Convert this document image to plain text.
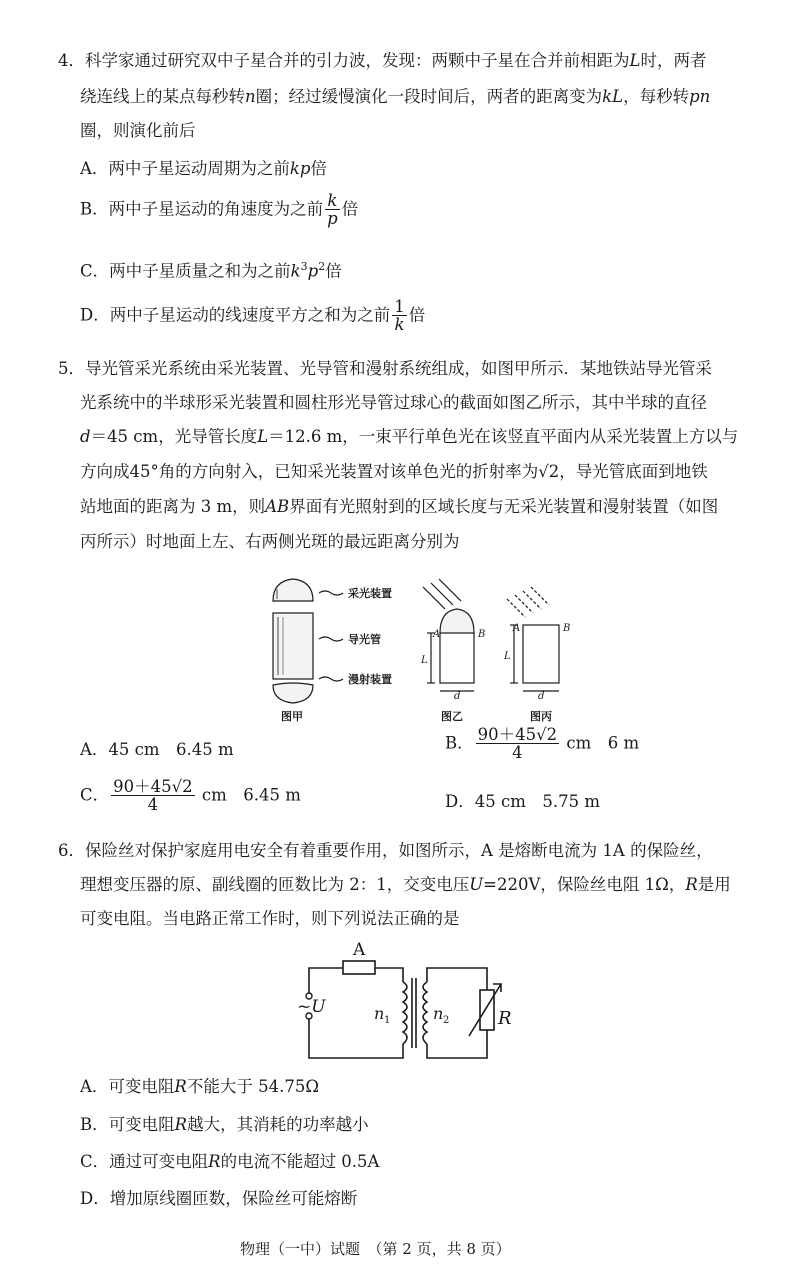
4．科学家通过研究双中子星合并的引力波，发现：两颗中子星在合并前相距为L时，两者
绕连线上的某点每秒转n圈；经过缓慢演化一段时间后，两者的距离变为kL，每秒转pn
圈，则演化前后
A．两中子星运动周期为之前kp倍
B．两中子星运动的角速度为之前 $\frac{k}{p}$ 倍
C．两中子星质量之和为之前$k^3p^2$倍
D．两中子星运动的线速度平方之和为之前 $\frac{1}{k}$ 倍
5．导光管采光系统由采光装置、光导管和漫射系统组成，如图甲所示．某地铁站导光管采
光系统中的半球形采光装置和圆柱形光导管过球心的截面如图乙所示，其中半球的直径
d＝45 cm，光导管长度L＝12.6 m，一束平行单色光在该竖直平面内从采光装置上方以与
方向成45°角的方向射入，已知采光装置对该单色光的折射率为√2，导光管底面到地铁
站地面的距离为 3 m，则AB界面有光照射到的区域长度与无采光装置和漫射装置（如图
丙所示）时地面上左、右两侧光斑的最远距离分别为
采光装置
导光管
漫射装置
图甲
A	B
L
d
图乙
A	B
L
d
图丙
A．45 cm　6.45 m	B． $\frac{90+45√2}{4}$ cm　6 m
C． $\frac{90+45√2}{4}$ cm　6.45 m	D．45 cm　5.75 m
6．保险丝对保护家庭用电安全有着重要作用，如图所示，A 是熔断电流为 1A 的保险丝，
理想变压器的原、副线圈的匝数比为 2：1，交变电压U=220V，保险丝电阻 1Ω，R是用
可变电阻。当电路正常工作时，则下列说法正确的是
A
~U	n 1	n 2	R
A．可变电阻R不能大于 54.75Ω
B．可变电阻R越大，其消耗的功率越小
C．通过可变电阻R的电流不能超过 0.5A
D．增加原线圈匝数，保险丝可能熔断
物理（一中）试题　（第 2 页，共 8 页）
